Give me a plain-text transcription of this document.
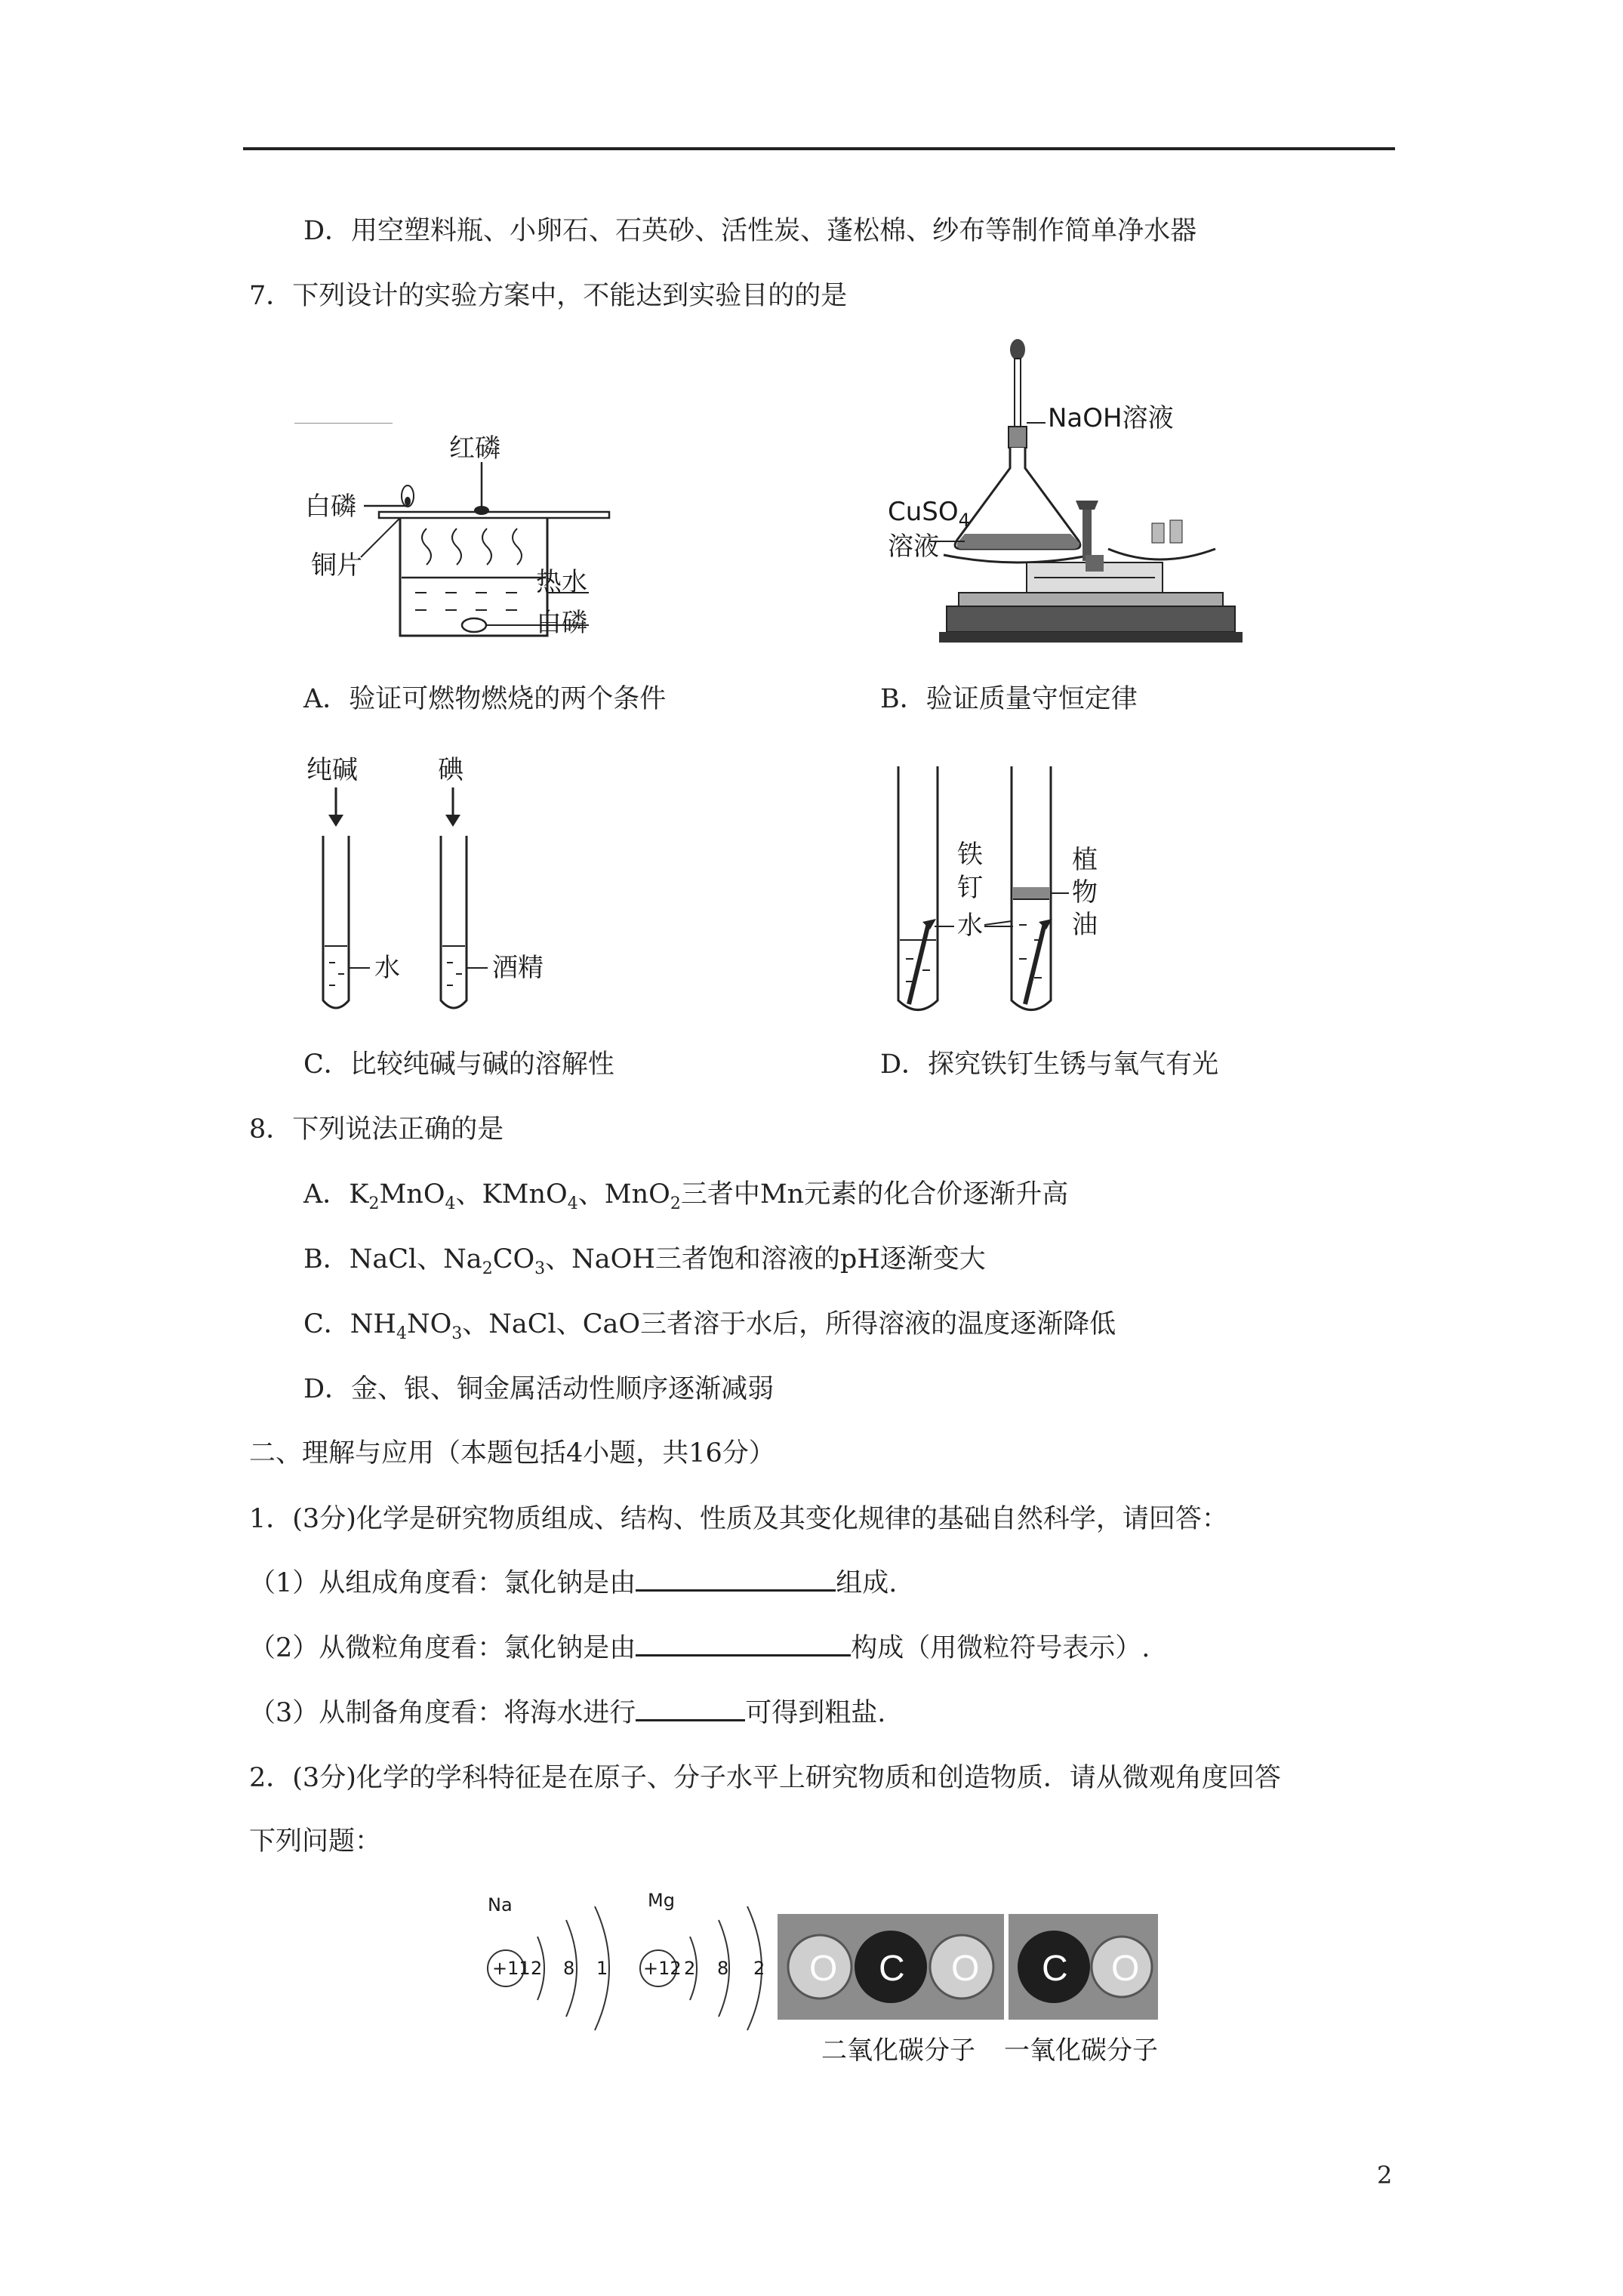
D．用空塑料瓶、小卵石、石英砂、活性炭、蓬松棉、纱布等制作简单净水器
7．下列设计的实验方案中，不能达到实验目的的是
红磷
白磷
铜片
热水
白磷
NaOH溶液
CuSO$_4$
溶液
A．验证可燃物燃烧的两个条件	B．验证质量守恒定律
纯碱
水
碘
酒精
铁
钉
水
植
物
油
C．比较纯碱与碱的溶解性	D．探究铁钉生锈与氧气有光
8．下列说法正确的是
A．$K_2MnO_4$、KMnO$_4$、MnO$_2$三者中Mn元素的化合价逐渐升高
B．NaCl、$Na_2CO_3$、NaOH三者饱和溶液的pH逐渐变大
C．$NH_4NO_3$、NaCl、CaO三者溶于水后，所得溶液的温度逐渐降低
D．金、银、铜金属活动性顺序逐渐减弱
二、理解与应用（本题包括4小题，共16分）
1．(3分)化学是研究物质组成、结构、性质及其变化规律的基础自然科学，请回答：
（1）从组成角度看：氯化钠是由	组成.
（2）从微粒角度看：氯化钠是由	构成（用微粒符号表示）.
（3）从制备角度看：将海水进行	可得到粗盐.
2．(3分)化学的学科特征是在原子、分子水平上研究物质和创造物质．请从微观角度回答
下列问题：
Na
+11 2 8 1
Mg
+12 2 8 2 O C O C O
二氧化碳分子 一氧化碳分子
2
